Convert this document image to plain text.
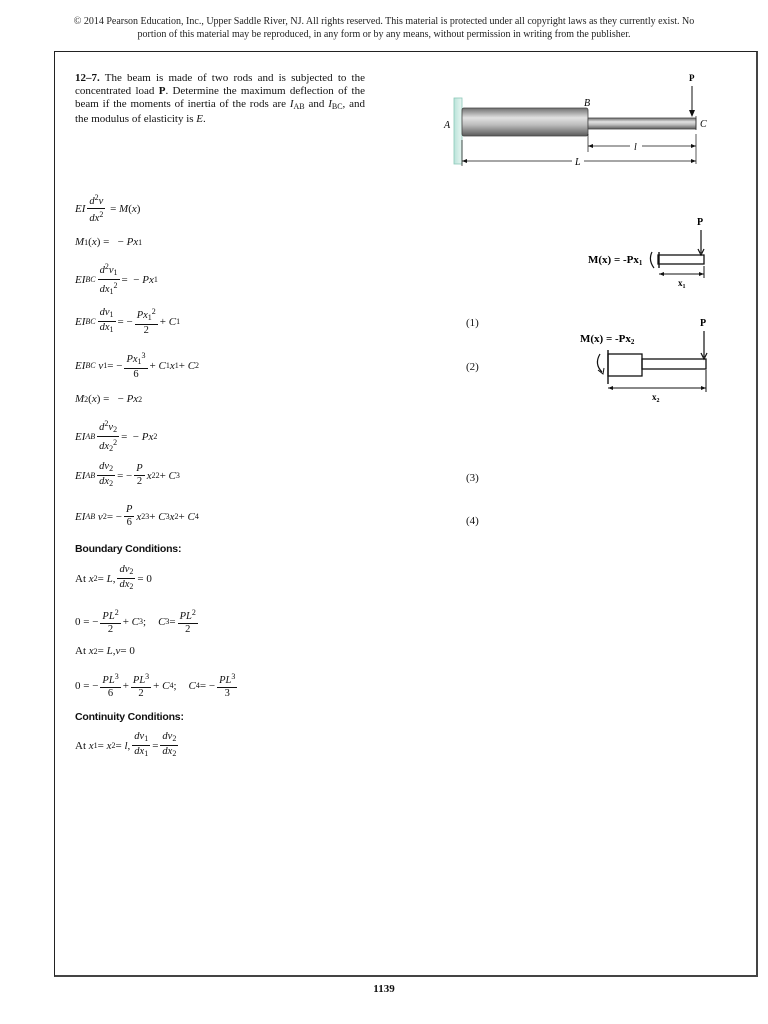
© 2014 Pearson Education, Inc., Upper Saddle River, NJ. All rights reserved. This material is protected under all copyright laws as they currently exist. No portion of this material may be reproduced, in any form or by any means, without permission in writing from the publisher.
12–7. The beam is made of two rods and is subjected to the concentrated load P. Determine the maximum deflection of the beam if the moments of inertia of the rods are $I_{AB}$ and $I_{BC}$, and the modulus of elasticity is E.
A
B
C
P
l
L
P
M(x) = -Px1
$x_1$
P
M(x) = -Px2
$x_2$
EI $\frac{d^2v}{dx^2} = M$ ( x )
M 1 ( x ) =   − Px 1
EI BC $\frac{d^2v_1}{dx_1^2}$ =  − Px 1
EI BC $\frac{dv_1}{dx_1}$ = − $\frac{Px_1^2}{2} + C$ 1	(1)
EI BC
v 1 = − $\frac{Px_1^3}{6} + C$ 1 x 1 + C 2	(2)
M 2 ( x ) =   − Px 2
EI AB $\frac{d^2v_2}{dx_2^2}$ =  − Px 2
EI AB $\frac{dv_2}{dx_2}$ = − $\frac{P}{2}$ x 2 2 + C 3	(3)
EI AB
v 2 = − $\frac{P}{6}$ x 2 3 + C 3 x 2 + C 4	(4)
Boundary Conditions:
At x 2 = L , $\frac{dv_2}{dx_2} = 0$
0 = − $\frac{PL^2}{2} + C$ 3 ; C $3 = \frac{PL^2}{2}$
At x 2 = L , v = 0
0 = − $\frac{PL^3}{6} + \frac{PL^3}{2} + C$ 4 ; C 4 = − $\frac{PL^3}{3}$
Continuity Conditions:
At x 1 = x 2 = l , $\frac{dv_1}{dx_1} = \frac{dv_2}{dx_2}$
1139
